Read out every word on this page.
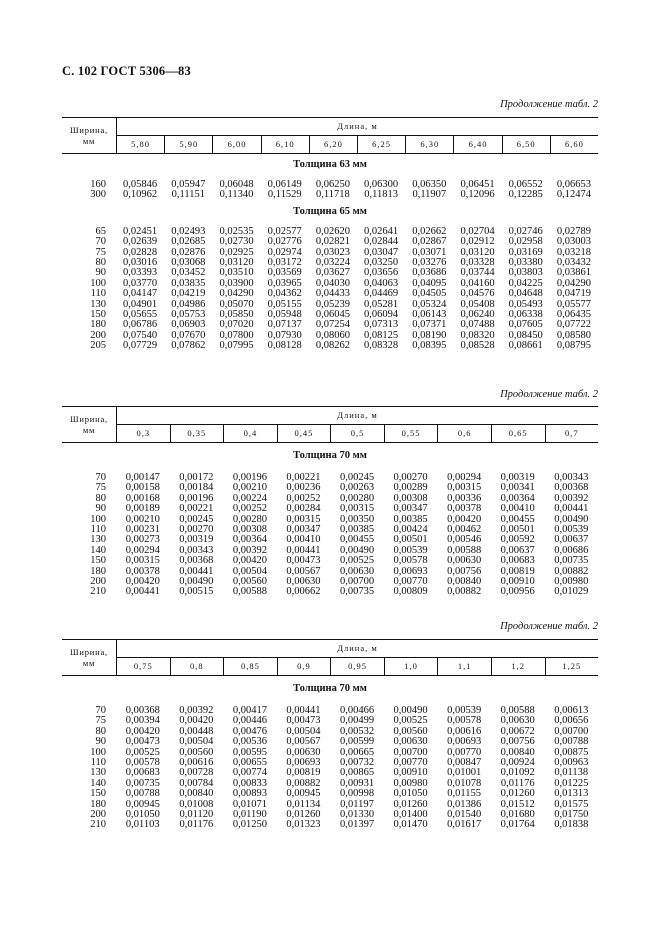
С. 102 ГОСТ 5306—83
Продолжение табл. 2
Ширина,
мм
Длина, м
5,80	5,90	6,00	6,10	6,20	6,25	6,30	6,40	6,50	6,60
Толщина 63 мм
160	0,05846	0,05947	0,06048	0,06149	0,06250	0,06300	0,06350	0,06451	0,06552	0,06653
300	0,10962	0,11151	0,11340	0,11529	0,11718	0,11813	0,11907	0,12096	0,12285	0,12474
Толщина 65 мм
65	0,02451	0,02493	0,02535	0,02577	0,02620	0,02641	0,02662	0,02704	0,02746	0,02789
70	0,02639	0,02685	0,02730	0,02776	0,02821	0,02844	0,02867	0,02912	0,02958	0,03003
75	0,02828	0,02876	0,02925	0,02974	0,03023	0,03047	0,03071	0,03120	0,03169	0,03218
80	0,03016	0,03068	0,03120	0,03172	0,03224	0,03250	0,03276	0,03328	0,03380	0,03432
90	0,03393	0,03452	0,03510	0,03569	0,03627	0,03656	0,03686	0,03744	0,03803	0,03861
100	0,03770	0,03835	0,03900	0,03965	0,04030	0,04063	0,04095	0,04160	0,04225	0,04290
110	0,04147	0,04219	0,04290	0,04362	0,04433	0,04469	0,04505	0,04576	0,04648	0,04719
130	0,04901	0,04986	0,05070	0,05155	0,05239	0,05281	0,05324	0,05408	0,05493	0,05577
150	0,05655	0,05753	0,05850	0,05948	0,06045	0,06094	0,06143	0,06240	0,06338	0,06435
180	0,06786	0,06903	0,07020	0,07137	0,07254	0,07313	0,07371	0,07488	0,07605	0,07722
200	0,07540	0,07670	0,07800	0,07930	0,08060	0,08125	0,08190	0,08320	0,08450	0,08580
205	0,07729	0,07862	0,07995	0,08128	0,08262	0,08328	0,08395	0,08528	0,08661	0,08795
Продолжение табл. 2
Ширина,
мм
Длина, м
0,3	0,35	0,4	0,45	0,5	0,55	0,6	0,65	0,7
Толщина 70 мм
70	0,00147	0,00172	0,00196	0,00221	0,00245	0,00270	0,00294	0,00319	0,00343
75	0,00158	0,00184	0,00210	0,00236	0,00263	0,00289	0,00315	0,00341	0,00368
80	0,00168	0,00196	0,00224	0,00252	0,00280	0,00308	0,00336	0,00364	0,00392
90	0,00189	0,00221	0,00252	0,00284	0,00315	0,00347	0,00378	0,00410	0,00441
100	0,00210	0,00245	0,00280	0,00315	0,00350	0,00385	0,00420	0,00455	0,00490
110	0,00231	0,00270	0,00308	0,00347	0,00385	0,00424	0,00462	0,00501	0,00539
130	0,00273	0,00319	0,00364	0,00410	0,00455	0,00501	0,00546	0,00592	0,00637
140	0,00294	0,00343	0,00392	0,00441	0,00490	0,00539	0,00588	0,00637	0,00686
150	0,00315	0,00368	0,00420	0,00473	0,00525	0,00578	0,00630	0,00683	0,00735
180	0,00378	0,00441	0,00504	0,00567	0,00630	0,00693	0,00756	0,00819	0,00882
200	0,00420	0,00490	0,00560	0,00630	0,00700	0,00770	0,00840	0,00910	0,00980
210	0,00441	0,00515	0,00588	0,00662	0,00735	0,00809	0,00882	0,00956	0,01029
Продолжение табл. 2
Ширина,
мм
Длина, м
0,75	0,8	0,85	0,9	0,95	1,0	1,1	1,2	1,25
Толщина 70 мм
70	0,00368	0,00392	0,00417	0,00441	0,00466	0,00490	0,00539	0,00588	0,00613
75	0,00394	0,00420	0,00446	0,00473	0,00499	0,00525	0,00578	0,00630	0,00656
80	0,00420	0,00448	0,00476	0,00504	0,00532	0,00560	0,00616	0,00672	0,00700
90	0,00473	0,00504	0,00536	0,00567	0,00599	0,00630	0,00693	0,00756	0,00788
100	0,00525	0,00560	0,00595	0,00630	0,00665	0,00700	0,00770	0,00840	0,00875
110	0,00578	0,00616	0,00655	0,00693	0,00732	0,00770	0,00847	0,00924	0,00963
130	0,00683	0,00728	0,00774	0,00819	0,00865	0,00910	0,01001	0,01092	0,01138
140	0,00735	0,00784	0,00833	0,00882	0,00931	0,00980	0,01078	0,01176	0,01225
150	0,00788	0,00840	0,00893	0,00945	0,00998	0,01050	0,01155	0,01260	0,01313
180	0,00945	0,01008	0,01071	0,01134	0,01197	0,01260	0,01386	0,01512	0,01575
200	0,01050	0,01120	0,01190	0,01260	0,01330	0,01400	0,01540	0,01680	0,01750
210	0,01103	0,01176	0,01250	0,01323	0,01397	0,01470	0,01617	0,01764	0,01838
